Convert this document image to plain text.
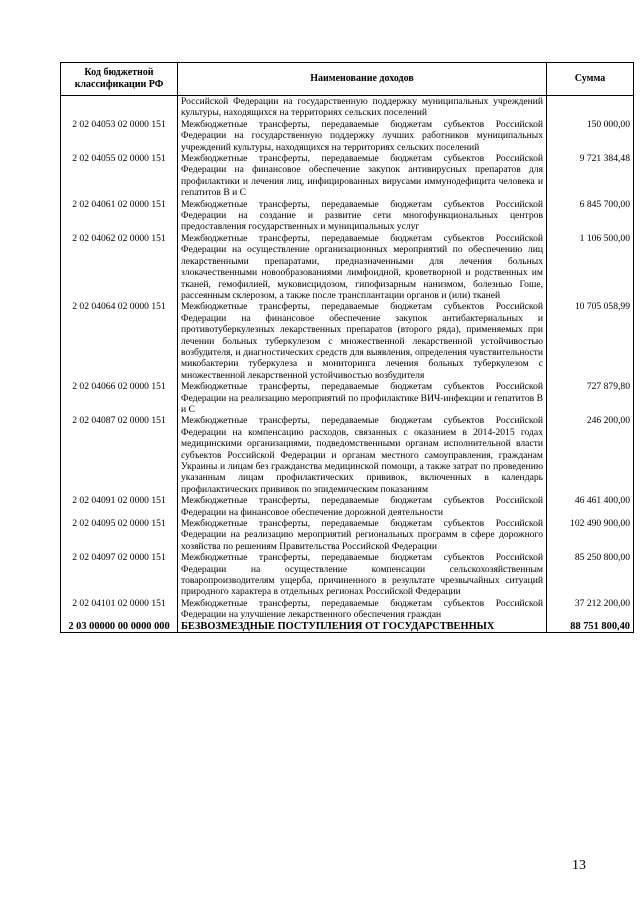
Код бюджетной классификации РФ	Наименование доходов	Сумма
	Российской Федерации на государственную поддержку муниципальных учреждений культуры, находящихся на территориях сельских поселений	
2 02 04053 02 0000 151	Межбюджетные трансферты, передаваемые бюджетам субъектов Российской Федерации на государственную поддержку лучших работников муниципальных учреждений культуры, находящихся на территориях сельских поселений	150 000,00
2 02 04055 02 0000 151	Межбюджетные трансферты, передаваемые бюджетам субъектов Российской Федерации на финансовое обеспечение закупок антивирусных препаратов для профилактики и лечения лиц, инфицированных вирусами иммунодефицита человека и гепатитов В и С	9 721 384,48
2 02 04061 02 0000 151	Межбюджетные трансферты, передаваемые бюджетам субъектов Российской Федерации на создание и развитие сети многофункциональных центров предоставления государственных и муниципальных услуг	6 845 700,00
2 02 04062 02 0000 151	Межбюджетные трансферты, передаваемые бюджетам субъектов Российской Федерации на осуществление организационных мероприятий по обеспечению лиц лекарственными препаратами, предназначенными для лечения больных злокачественными новообразованиями лимфоидной, кроветворной и родственных им тканей, гемофилией, муковисцидозом, гипофизарным нанизмом, болезнью Гоше, рассеянным склерозом, а также после трансплантации органов и (или) тканей	1 106 500,00
2 02 04064 02 0000 151	Межбюджетные трансферты, передаваемые бюджетам субъектов Российской Федерации на финансовое обеспечение закупок антибактериальных и противотуберкулезных лекарственных препаратов (второго ряда), применяемых при лечении больных туберкулезом с множественной лекарственной устойчивостью возбудителя, и диагностических средств для выявления, определения чувствительности микобактерии туберкулеза и мониторинга лечения больных туберкулезом с множественной лекарственной устойчивостью возбудителя	10 705 058,99
2 02 04066 02 0000 151	Межбюджетные трансферты, передаваемые бюджетам субъектов Российской Федерации на реализацию мероприятий по профилактике ВИЧ-инфекции и гепатитов В и С	727 879,80
2 02 04087 02 0000 151	Межбюджетные трансферты, передаваемые бюджетам субъектов Российской Федерации на компенсацию расходов, связанных с оказанием в 2014-2015 годах медицинскими организациями, подведомственными органам исполнительной власти субъектов Российской Федерации и органам местного самоуправления, гражданам Украины и лицам без гражданства медицинской помощи, а также затрат по проведению указанным лицам профилактических прививок, включенных в календарь профилактических прививок по эпидемическим показаниям	246 200,00
2 02 04091 02 0000 151	Межбюджетные трансферты, передаваемые бюджетам субъектов Российской Федерации на финансовое обеспечение дорожной деятельности	46 461 400,00
2 02 04095 02 0000 151	Межбюджетные трансферты, передаваемые бюджетам субъектов Российской Федерации на реализацию мероприятий региональных программ в сфере дорожного хозяйства по решениям Правительства Российской Федерации	102 490 900,00
2 02 04097 02 0000 151	Межбюджетные трансферты, передаваемые бюджетам субъектов Российской Федерации на осуществление компенсации сельскохозяйственным товаропроизводителям ущерба, причиненного в результате чрезвычайных ситуаций природного характера в отдельных регионах Российской Федерации	85 250 800,00
2 02 04101 02 0000 151	Межбюджетные трансферты, передаваемые бюджетам субъектов Российской Федерации на улучшение лекарственного обеспечения граждан	37 212 200,00
2 03 00000 00 0000 000	БЕЗВОЗМЕЗДНЫЕ ПОСТУПЛЕНИЯ ОТ ГОСУДАРСТВЕННЫХ	88 751 800,40
13
